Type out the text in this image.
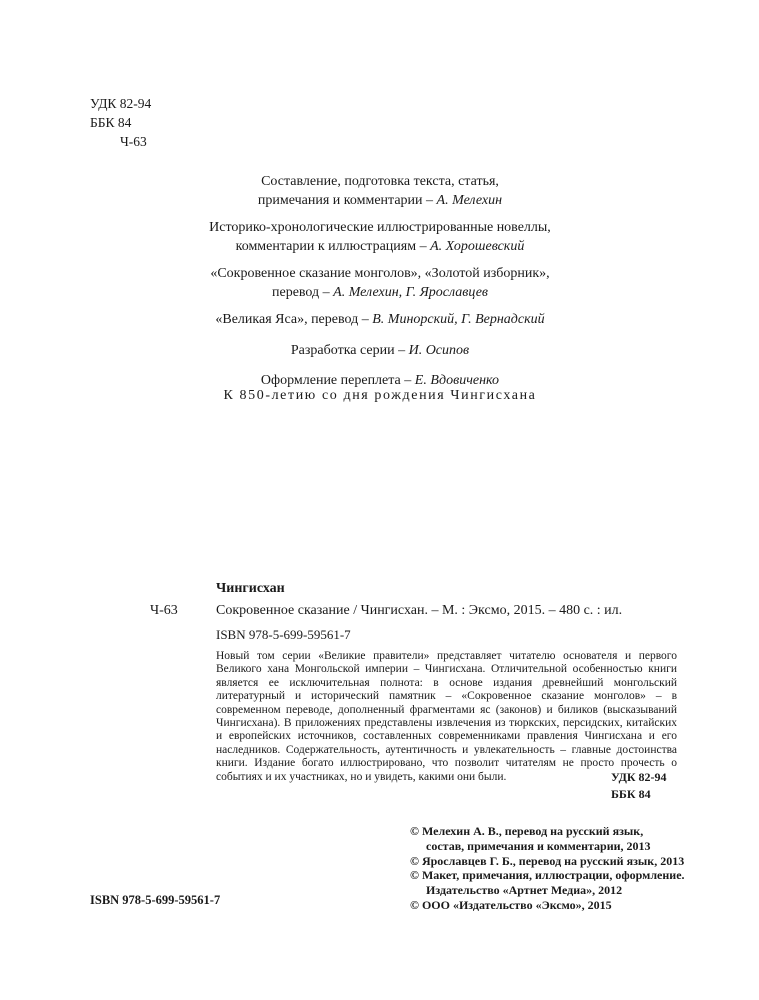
УДК 82-94
ББК 84
Ч-63
Составление, подготовка текста, статья,
примечания и комментарии – А. Мелехин
Историко-хронологические иллюстрированные новеллы,
комментарии к иллюстрациям – А. Хорошевский
«Сокровенное сказание монголов», «Золотой изборник»,
перевод – А. Мелехин, Г. Ярославцев
«Великая Яса», перевод – В. Минорский, Г. Вернадский
Разработка серии – И. Осипов
Оформление переплета – Е. Вдовиченко
К 850-летию со дня рождения Чингисхана
Чингисхан
Ч-63	Сокровенное сказание / Чингисхан. – М. : Эксмо, 2015. – 480 с. : ил.
ISBN 978-5-699-59561-7
Новый том серии «Великие правители» представляет читателю основателя и первого Великого хана Монгольской империи – Чингисхана. Отличительной особенностью книги является ее исключительная полнота: в основе издания древнейший монгольский литературный и исторический памятник – «Сокровенное сказание монголов» – в современном переводе, дополненный фрагментами яс (законов) и биликов (высказываний Чингисхана). В приложениях представлены извлечения из тюркских, персидских, китайских и европейских источников, составленных современниками правления Чингисхана и его наследников. Содержательность, аутентичность и увлекательность – главные достоинства книги. Издание богато иллюстрировано, что позволит читателям не просто прочесть о событиях и их участниках, но и увидеть, какими они были.	УДК 82-94
ББК 84
© Мелехин А. В., перевод на русский язык,
состав, примечания и комментарии, 2013
© Ярославцев Г. Б., перевод на русский язык, 2013
© Макет, примечания, иллюстрации, оформление.
Издательство «Артнет Медиа», 2012
© ООО «Издательство «Эксмо», 2015
ISBN 978-5-699-59561-7
